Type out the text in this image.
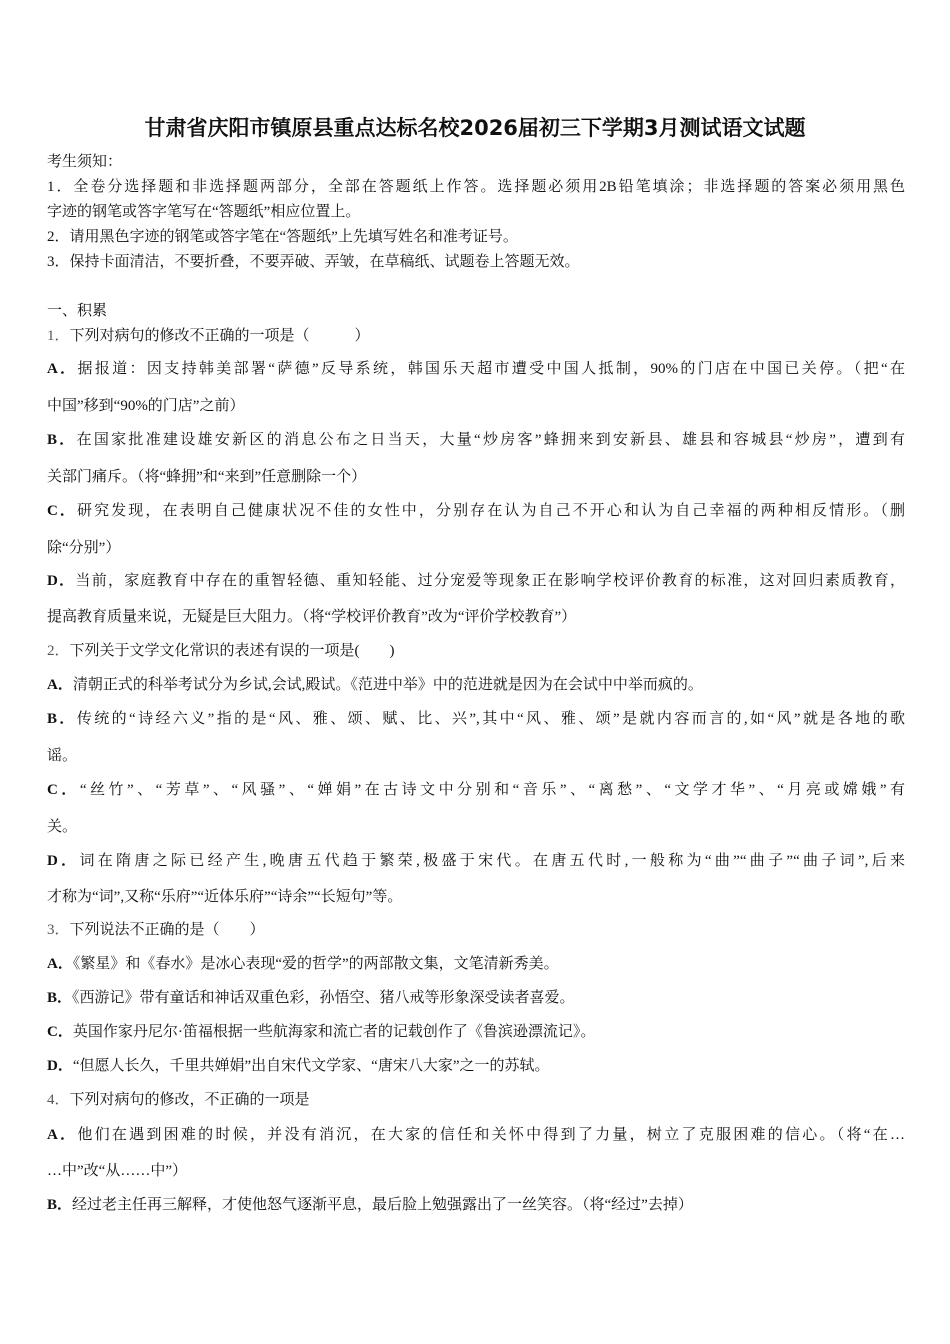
甘肃省庆阳市镇原县重点达标名校2026届初三下学期3月测试语文试题
考生须知：
1．全卷分选择题和非选择题两部分，全部在答题纸上作答。选择题必须用2B铅笔填涂；非选择题的答案必须用黑色
字迹的钢笔或答字笔写在“答题纸”相应位置上。
2．请用黑色字迹的钢笔或答字笔在“答题纸”上先填写姓名和准考证号。
3．保持卡面清洁，不要折叠，不要弄破、弄皱，在草稿纸、试题卷上答题无效。
一、积累
1．下列对病句的修改不正确的一项是（　　　）
A．据报道：因支持韩美部署“萨德”反导系统，韩国乐天超市遭受中国人抵制，90%的门店在中国已关停。（把“在
中国”移到“90%的门店”之前）
B．在国家批准建设雄安新区的消息公布之日当天，大量“炒房客”蜂拥来到安新县、雄县和容城县“炒房”，遭到有
关部门痛斥。（将“蜂拥”和“来到”任意删除一个）
C．研究发现，在表明自己健康状况不佳的女性中，分别存在认为自己不开心和认为自己幸福的两种相反情形。（删
除“分别”）
D．当前，家庭教育中存在的重智轻德、重知轻能、过分宠爱等现象正在影响学校评价教育的标准，这对回归素质教育，
提高教育质量来说，无疑是巨大阻力。（将“学校评价教育”改为“评价学校教育”）
2．下列关于文学文化常识的表述有误的一项是(　　)
A．清朝正式的科举考试分为乡试,会试,殿试。《范进中举》中的范进就是因为在会试中中举而疯的。
B．传统的“诗经六义”指的是“风、雅、颂、赋、比、兴”,其中“风、雅、颂”是就内容而言的,如“风”就是各地的歌
谣。
C．“丝竹”、“芳草”、“风骚”、“婵娟”在古诗文中分别和“音乐”、“离愁”、“文学才华”、“月亮或嫦娥”有
关。
D．词在隋唐之际已经产生,晚唐五代趋于繁荣,极盛于宋代。在唐五代时,一般称为“曲”“曲子”“曲子词”,后来
才称为“词”,又称“乐府”“近体乐府”“诗余”“长短句”等。
3．下列说法不正确的是（　　）
A．《繁星》和《春水》是冰心表现“爱的哲学”的两部散文集，文笔清新秀美。
B．《西游记》带有童话和神话双重色彩，孙悟空、猪八戒等形象深受读者喜爱。
C．英国作家丹尼尔·笛福根据一些航海家和流亡者的记载创作了《鲁滨逊漂流记》。
D．“但愿人长久，千里共婵娟”出自宋代文学家、“唐宋八大家”之一的苏轼。
4．下列对病句的修改，不正确的一项是
A．他们在遇到困难的时候，并没有消沉，在大家的信任和关怀中得到了力量，树立了克服困难的信心。（将“在…
…中”改“从……中”）
B．经过老主任再三解释，才使他怒气逐渐平息，最后脸上勉强露出了一丝笑容。（将“经过”去掉）
